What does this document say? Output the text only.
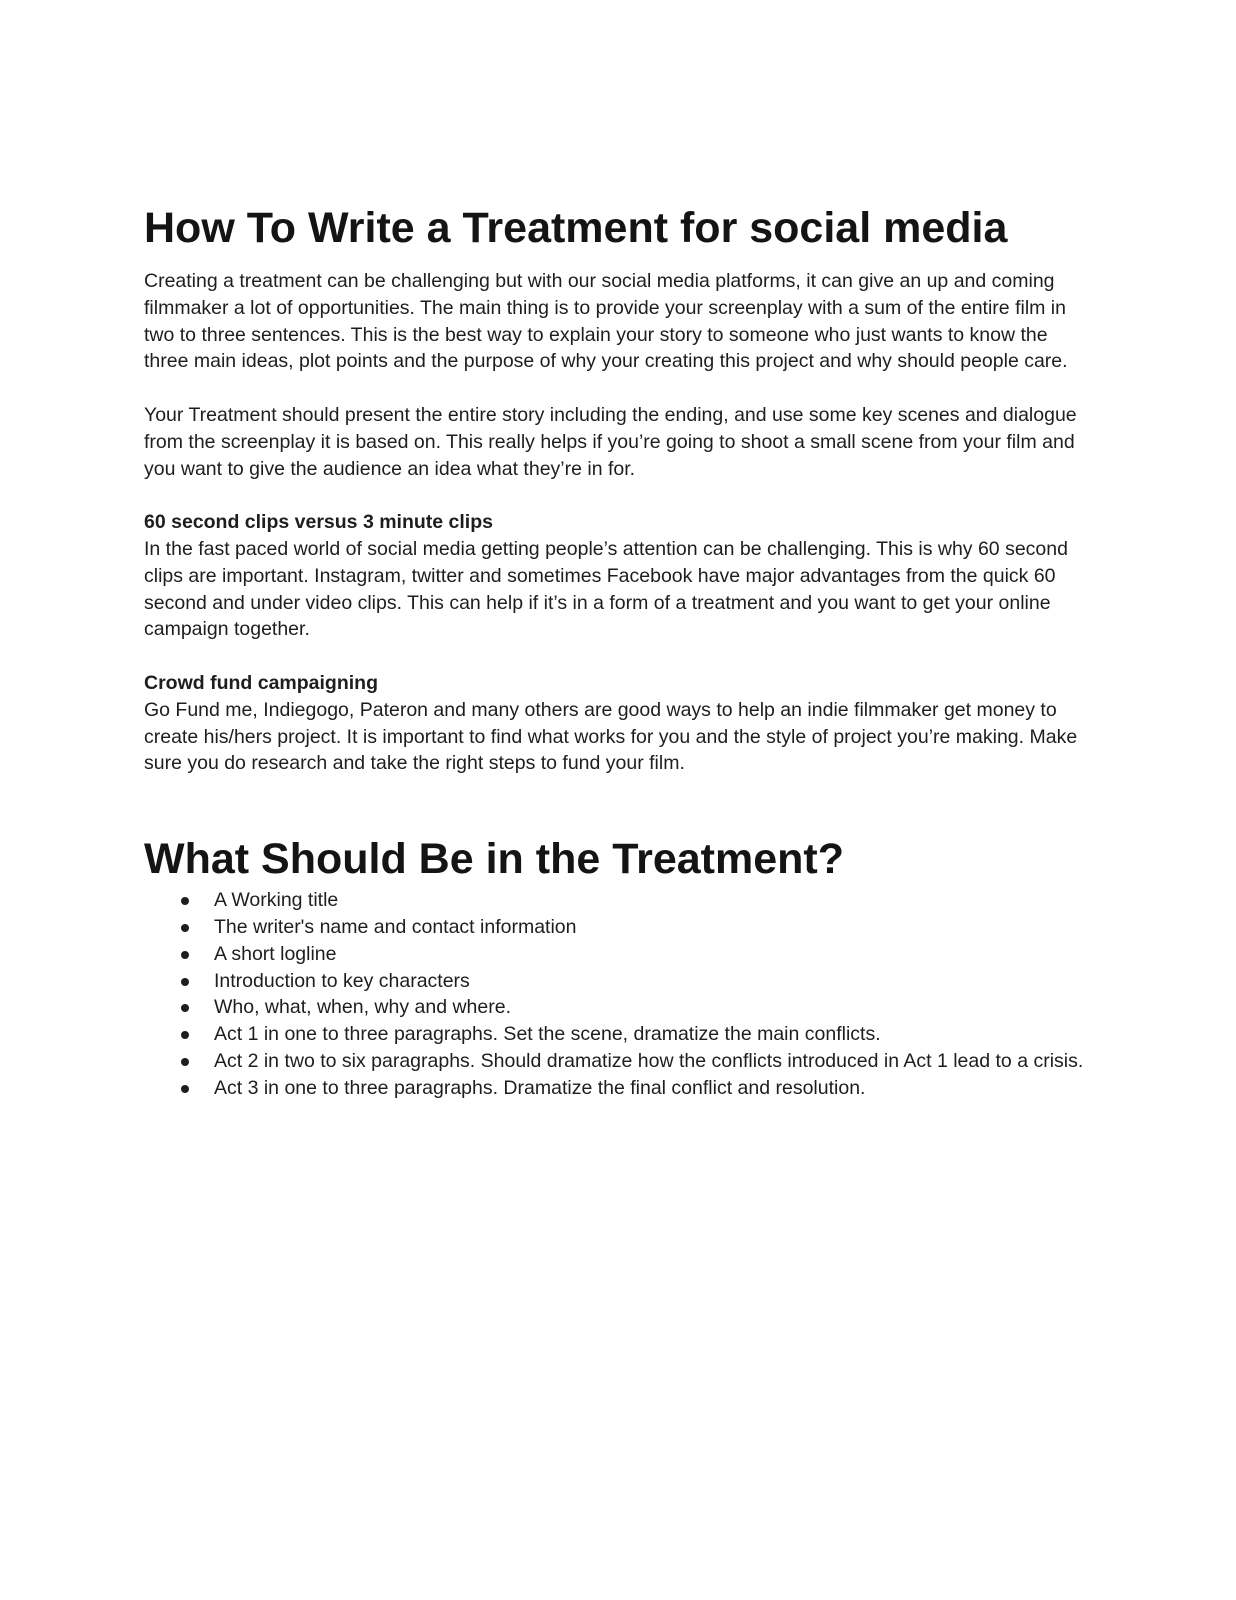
How To Write a Treatment for social media

Creating a treatment can be challenging but with our social media platforms, it can give an up and coming filmmaker a lot of opportunities. The main thing is to provide your screenplay with a sum of the entire film in two to three sentences. This is the best way to explain your story to someone who just wants to know the three main ideas, plot points and the purpose of why your creating this project and why should people care.

Your Treatment should present the entire story including the ending, and use some key scenes and dialogue from the screenplay it is based on. This really helps if you’re going to shoot a small scene from your film and you want to give the audience an idea what they’re in for.

60 second clips versus 3 minute clips

In the fast paced world of social media getting people’s attention can be challenging. This is why 60 second clips are important. Instagram, twitter and sometimes Facebook have major advantages from the quick 60 second and under video clips. This can help if it’s in a form of a treatment and you want to get your online campaign together.

Crowd fund campaigning

Go Fund me, Indiegogo, Pateron and many others are good ways to help an indie filmmaker get money to create his/hers project. It is important to find what works for you and the style of project you’re making. Make sure you do research and take the right steps to fund your film.

What Should Be in the Treatment?
A Working title
The writer's name and contact information
A short logline
Introduction to key characters
Who, what, when, why and where.
Act 1 in one to three paragraphs. Set the scene, dramatize the main conflicts.
Act 2 in two to six paragraphs. Should dramatize how the conflicts introduced in Act 1 lead to a crisis.
Act 3 in one to three paragraphs. Dramatize the final conflict and resolution.
